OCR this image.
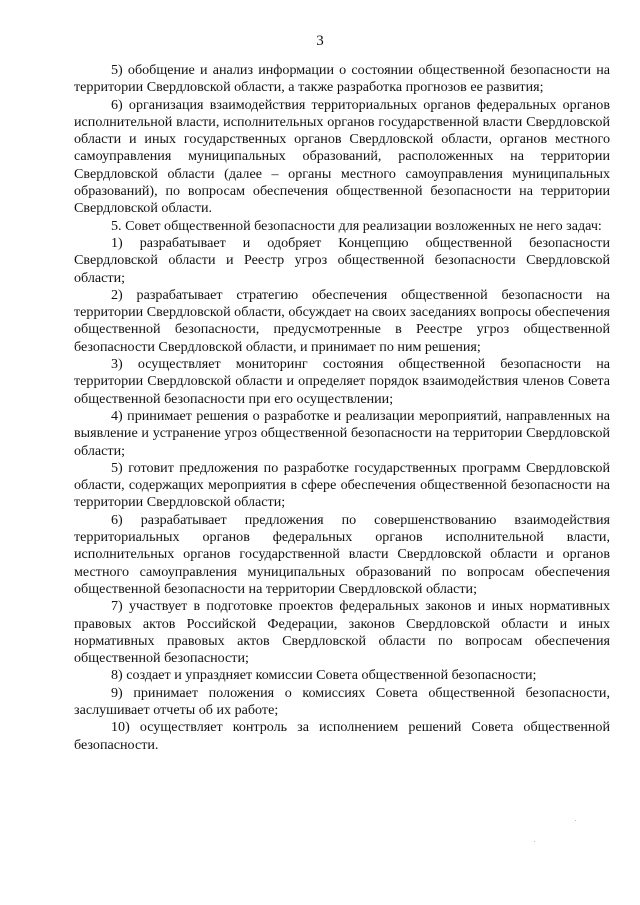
3

5) обобщение и анализ информации о состоянии общественной безопасности на территории Свердловской области, а также разработка прогнозов ее развития;

6) организация взаимодействия территориальных органов федеральных органов исполнительной власти, исполнительных органов государственной власти Свердловской области и иных государственных органов Свердловской области, органов местного самоуправления муниципальных образований, расположенных на территории Свердловской области (далее – органы местного самоуправления муниципальных образований), по вопросам обеспечения общественной безопасности на территории Свердловской области.

5. Совет общественной безопасности для реализации возложенных не него задач:

1) разрабатывает и одобряет Концепцию общественной безопасности Свердловской области и Реестр угроз общественной безопасности Свердловской области;

2) разрабатывает стратегию обеспечения общественной безопасности на территории Свердловской области, обсуждает на своих заседаниях вопросы обеспечения общественной безопасности, предусмотренные в Реестре угроз общественной безопасности Свердловской области, и принимает по ним решения;

3) осуществляет мониторинг состояния общественной безопасности на территории Свердловской области и определяет порядок взаимодействия членов Совета общественной безопасности при его осуществлении;

4) принимает решения о разработке и реализации мероприятий, направленных на выявление и устранение угроз общественной безопасности на территории Свердловской области;

5) готовит предложения по разработке государственных программ Свердловской области, содержащих мероприятия в сфере обеспечения общественной безопасности на территории Свердловской области;

6) разрабатывает предложения по совершенствованию взаимодействия территориальных органов федеральных органов исполнительной власти, исполнительных органов государственной власти Свердловской области и органов местного самоуправления муниципальных образований по вопросам обеспечения общественной безопасности на территории Свердловской области;

7) участвует в подготовке проектов федеральных законов и иных нормативных правовых актов Российской Федерации, законов Свердловской области и иных нормативных правовых актов Свердловской области по вопросам обеспечения общественной безопасности;

8) создает и упраздняет комиссии Совета общественной безопасности;

9) принимает положения о комиссиях Совета общественной безопасности, заслушивает отчеты об их работе;

10) осуществляет контроль за исполнением решений Совета общественной безопасности.
